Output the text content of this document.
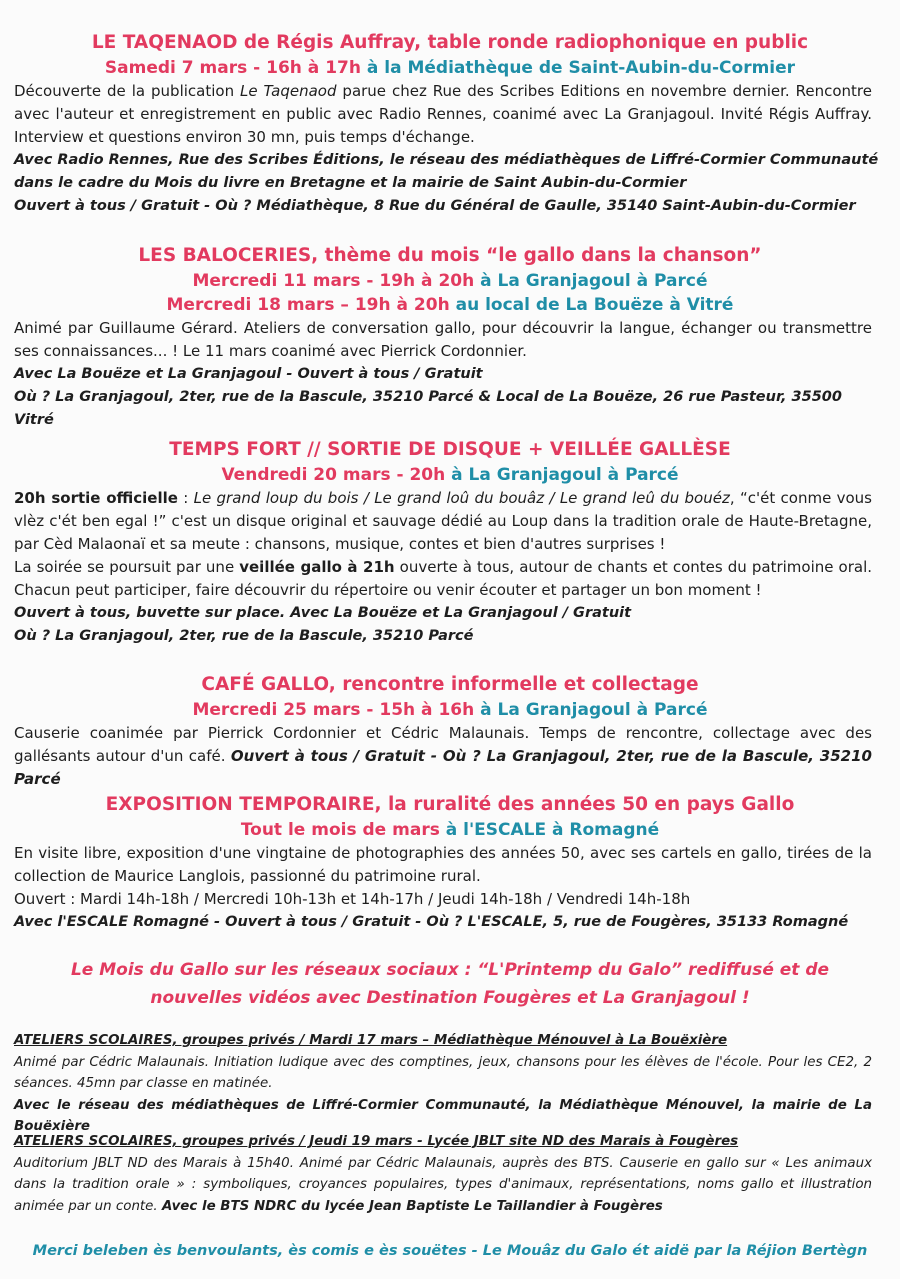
LE TAQENAOD de Régis Auffray, table ronde radiophonique en public
Samedi 7 mars - 16h à 17h à la Médiathèque de Saint-Aubin-du-Cormier
Découverte de la publication Le Taqenaod parue chez Rue des Scribes Editions en novembre dernier. Rencontre avec l'auteur et enregistrement en public avec Radio Rennes, coanimé avec La Granjagoul. Invité Régis Auffray. Interview et questions environ 30 mn, puis temps d'échange.
Avec Radio Rennes, Rue des Scribes Éditions, le réseau des médiathèques de Liffré-Cormier Communauté dans le cadre du Mois du livre en Bretagne et la mairie de Saint Aubin-du-Cormier
Ouvert à tous / Gratuit - Où ? Médiathèque, 8 Rue du Général de Gaulle, 35140 Saint-Aubin-du-Cormier
LES BALOCERIES, thème du mois “le gallo dans la chanson”
Mercredi 11 mars - 19h à 20h à La Granjagoul à Parcé
Mercredi 18 mars – 19h à 20h au local de La Bouëze à Vitré
Animé par Guillaume Gérard. Ateliers de conversation gallo, pour découvrir la langue, échanger ou transmettre ses connaissances... ! Le 11 mars coanimé avec Pierrick Cordonnier.
Avec La Bouëze et La Granjagoul - Ouvert à tous / Gratuit
Où ? La Granjagoul, 2ter, rue de la Bascule, 35210 Parcé & Local de La Bouëze, 26 rue Pasteur, 35500 Vitré
TEMPS FORT // SORTIE DE DISQUE + VEILLÉE GALLÈSE
Vendredi 20 mars - 20h à La Granjagoul à Parcé
20h sortie officielle : Le grand loup du bois / Le grand loû du bouâz / Le grand leû du bouéz, “c'ét conme vous vlèz c'ét ben egal !” c'est un disque original et sauvage dédié au Loup dans la tradition orale de Haute-Bretagne, par Cèd Malaonaï et sa meute : chansons, musique, contes et bien d'autres surprises !
La soirée se poursuit par une veillée gallo à 21h ouverte à tous, autour de chants et contes du patrimoine oral. Chacun peut participer, faire découvrir du répertoire ou venir écouter et partager un bon moment !
Ouvert à tous, buvette sur place. Avec La Bouëze et La Granjagoul / Gratuit
Où ? La Granjagoul, 2ter, rue de la Bascule, 35210 Parcé
CAFÉ GALLO, rencontre informelle et collectage
Mercredi 25 mars - 15h à 16h à La Granjagoul à Parcé
Causerie coanimée par Pierrick Cordonnier et Cédric Malaunais. Temps de rencontre, collectage avec des gallésants autour d'un café. Ouvert à tous / Gratuit - Où ? La Granjagoul, 2ter, rue de la Bascule, 35210 Parcé
EXPOSITION TEMPORAIRE, la ruralité des années 50 en pays Gallo
Tout le mois de mars à l'ESCALE à Romagné
En visite libre, exposition d'une vingtaine de photographies des années 50, avec ses cartels en gallo, tirées de la collection de Maurice Langlois, passionné du patrimoine rural.
Ouvert : Mardi 14h-18h / Mercredi 10h-13h et 14h-17h / Jeudi 14h-18h / Vendredi 14h-18h
Avec l'ESCALE Romagné - Ouvert à tous / Gratuit - Où ? L'ESCALE, 5, rue de Fougères, 35133 Romagné
Le Mois du Gallo sur les réseaux sociaux : “L'Printemp du Galo” rediffusé et de nouvelles vidéos avec Destination Fougères et La Granjagoul !
ATELIERS SCOLAIRES, groupes privés / Mardi 17 mars – Médiathèque Ménouvel à La Bouëxière
Animé par Cédric Malaunais. Initiation ludique avec des comptines, jeux, chansons pour les élèves de l'école. Pour les CE2, 2 séances. 45mn par classe en matinée.
Avec le réseau des médiathèques de Liffré-Cormier Communauté, la Médiathèque Ménouvel, la mairie de La Bouëxière
ATELIERS SCOLAIRES, groupes privés / Jeudi 19 mars - Lycée JBLT site ND des Marais à Fougères
Auditorium JBLT ND des Marais à 15h40. Animé par Cédric Malaunais, auprès des BTS. Causerie en gallo sur « Les animaux dans la tradition orale » : symboliques, croyances populaires, types d'animaux, représentations, noms gallo et illustration animée par un conte. Avec le BTS NDRC du lycée Jean Baptiste Le Taillandier à Fougères
Merci beleben ès benvoulants, ès comis e ès souëtes - Le Mouâz du Galo ét aidë par la Réjion Bertègn
